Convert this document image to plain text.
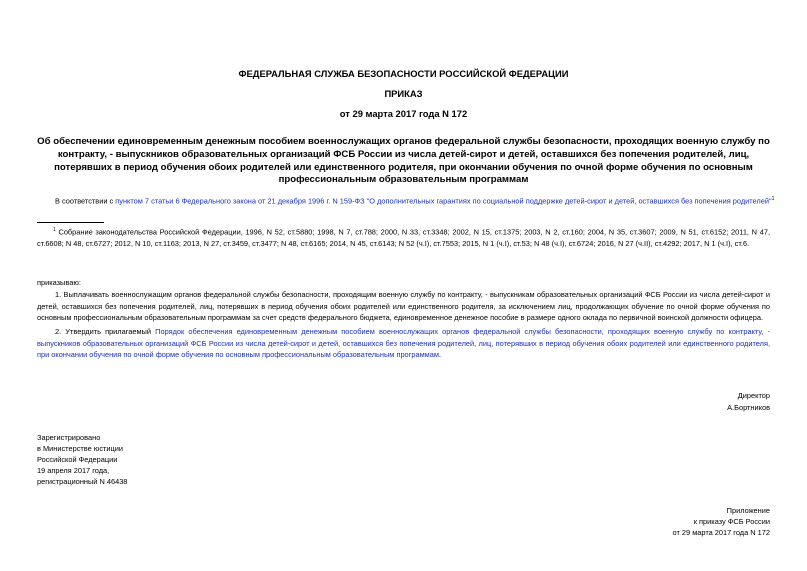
ФЕДЕРАЛЬНАЯ СЛУЖБА БЕЗОПАСНОСТИ РОССИЙСКОЙ ФЕДЕРАЦИИ
ПРИКАЗ
от 29 марта 2017 года N 172
Об обеспечении единовременным денежным пособием военнослужащих органов федеральной службы безопасности, проходящих военную службу по контракту, - выпускников образовательных организаций ФСБ России из числа детей-сирот и детей, оставшихся без попечения родителей, лиц, потерявших в период обучения обоих родителей или единственного родителя, при окончании обучения по очной форме обучения по основным профессиональным образовательным программам
В соответствии с пунктом 7 статьи 6 Федерального закона от 21 декабря 1996 г. N 159-ФЗ "О дополнительных гарантиях по социальной поддержке детей-сирот и детей, оставшихся без попечения родителей"$^1$
$^1$ Собрание законодательства Российской Федерации, 1996, N 52, ст.5880; 1998, N 7, ст.788; 2000, N 33, ст.3348; 2002, N 15, ст.1375; 2003, N 2, ст.160; 2004, N 35, ст.3607; 2009, N 51, ст.6152; 2011, N 47, ст.6608; N 48, ст.6727; 2012, N 10, ст.1163; 2013, N 27, ст.3459, ст.3477; N 48, ст.6165; 2014, N 45, ст.6143; N 52 (ч.I), ст.7553; 2015, N 1 (ч.I), ст.53; N 48 (ч.I), ст.6724; 2016, N 27 (ч.II), ст.4292; 2017, N 1 (ч.I), ст.6.
приказываю:
1. Выплачивать военнослужащим органов федеральной службы безопасности, проходящим военную службу по контракту, - выпускникам образовательных организаций ФСБ России из числа детей-сирот и детей, оставшихся без попечения родителей, лиц, потерявших в период обучения обоих родителей или единственного родителя, за исключением лиц, продолжающих обучение по очной форме обучения по основным профессиональным образовательным программам за счет средств федерального бюджета, единовременное денежное пособие в размере одного оклада по первичной воинской должности офицера.
2. Утвердить прилагаемый Порядок обеспечения единовременным денежным пособием военнослужащих органов федеральной службы безопасности, проходящих военную службу по контракту, - выпускников образовательных организаций ФСБ России из числа детей-сирот и детей, оставшихся без попечения родителей, лиц, потерявших в период обучения обоих родителей или единственного родителя, при окончании обучения по очной форме обучения по основным профессиональным образовательным программам.
Директор
А.Бортников
Зарегистрировано
в Министерстве юстиции
Российской Федерации
19 апреля 2017 года,
регистрационный N 46438
Приложение
к приказу ФСБ России
от 29 марта 2017 года N 172
